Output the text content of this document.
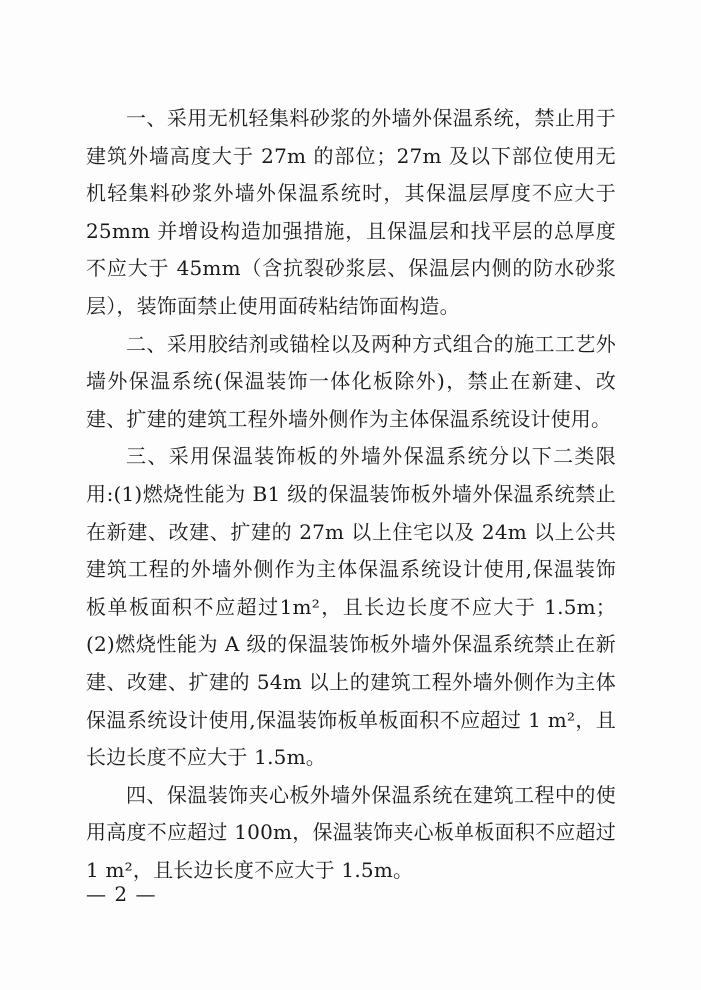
一、采用无机轻集料砂浆的外墙外保温系统，禁止用于建筑外墙高度大于 27m 的部位；27m 及以下部位使用无机轻集料砂浆外墙外保温系统时，其保温层厚度不应大于 25mm 并增设构造加强措施，且保温层和找平层的总厚度不应大于 45mm（含抗裂砂浆层、保温层内侧的防水砂浆层），装饰面禁止使用面砖粘结饰面构造。

二、采用胶结剂或锚栓以及两种方式组合的施工工艺外墙外保温系统(保温装饰一体化板除外)，禁止在新建、改建、扩建的建筑工程外墙外侧作为主体保温系统设计使用。

三、采用保温装饰板的外墙外保温系统分以下二类限用:(1)燃烧性能为 B1 级的保温装饰板外墙外保温系统禁止在新建、改建、扩建的 27m 以上住宅以及 24m 以上公共建筑工程的外墙外侧作为主体保温系统设计使用,保温装饰板单板面积不应超过1m²，且长边长度不应大于 1.5m；(2)燃烧性能为 A 级的保温装饰板外墙外保温系统禁止在新建、改建、扩建的 54m 以上的建筑工程外墙外侧作为主体保温系统设计使用,保温装饰板单板面积不应超过 1 m²，且长边长度不应大于 1.5m。

四、保温装饰夹心板外墙外保温系统在建筑工程中的使用高度不应超过 100m，保温装饰夹心板单板面积不应超过 1 m²，且长边长度不应大于 1.5m。

— 2 —
